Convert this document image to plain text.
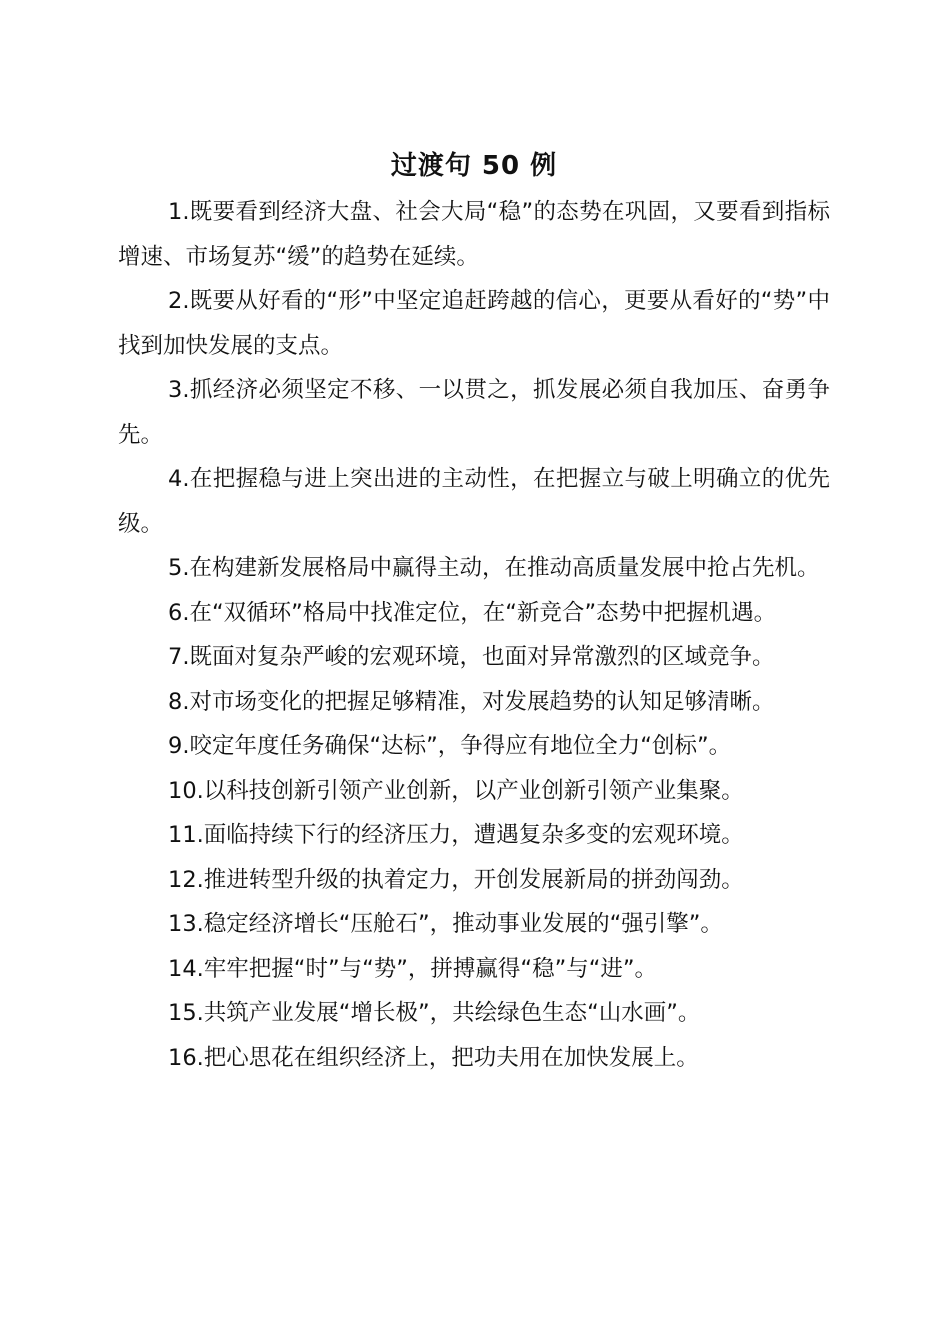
过渡句 50 例

1.既要看到经济大盘、社会大局“稳”的态势在巩固，又要看到指标增速、市场复苏“缓”的趋势在延续。

2.既要从好看的“形”中坚定追赶跨越的信心，更要从看好的“势”中找到加快发展的支点。

3.抓经济必须坚定不移、一以贯之，抓发展必须自我加压、奋勇争先。

4.在把握稳与进上突出进的主动性，在把握立与破上明确立的优先级。

5.在构建新发展格局中赢得主动，在推动高质量发展中抢占先机。

6.在“双循环”格局中找准定位，在“新竞合”态势中把握机遇。

7.既面对复杂严峻的宏观环境，也面对异常激烈的区域竞争。

8.对市场变化的把握足够精准，对发展趋势的认知足够清晰。

9.咬定年度任务确保“达标”，争得应有地位全力“创标”。

10.以科技创新引领产业创新，以产业创新引领产业集聚。

11.面临持续下行的经济压力，遭遇复杂多变的宏观环境。

12.推进转型升级的执着定力，开创发展新局的拼劲闯劲。

13.稳定经济增长“压舱石”，推动事业发展的“强引擎”。

14.牢牢把握“时”与“势”，拼搏赢得“稳”与“进”。

15.共筑产业发展“增长极”，共绘绿色生态“山水画”。

16.把心思花在组织经济上，把功夫用在加快发展上。
